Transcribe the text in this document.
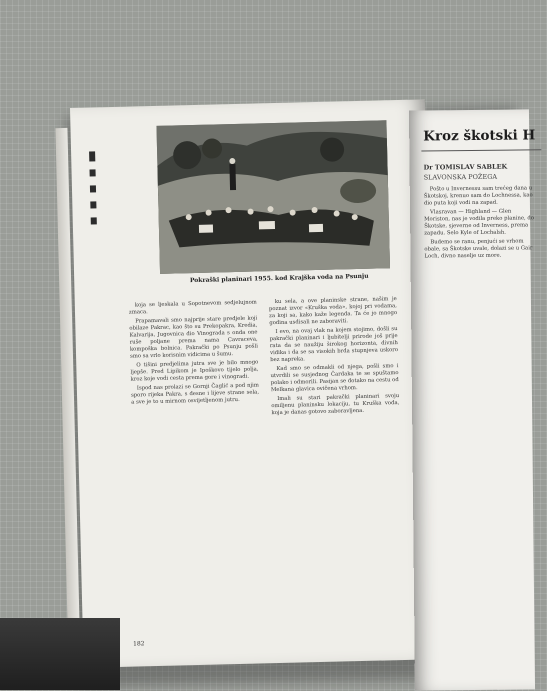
Pokraški planinari 1955. kod Krajška voda na Psunju

koja se ljeskala u Sopotnevom sedjelujnom zmaca.

Prapamavali smo najprije stare predjele koji obilaze Pakrac, kao što su Prekopakra, Kredia, Kalvarija, Jugovnica dio Vinograda s onda one ruše poljane prema nama Cavraceva, kompoška bolnica. Pakrački po Psunju pošli smo sa vrlo korisnim vidicima u šumu.

O tišini predjelima jutra sve je bilo mnogo ljepše. Pred Lipikom je Ipoškovo tijelo polja, kroz koje vodi cesta prema gore i vinogradi.

Ispod nas prolazi se Gornji Čaglić a pod njim sporo rijeka Pakra, s desne i lijeve strane sela, a sve je to u mirnom osvijetljenom jutru.

ku sela, a ove planinske strane, našim je poznat izvor «Kruška voda», kojoj pri vodama, za koji sa, kako kaže legenda. Ta će jo mnogo godina usdisali ne zaboraviti.

I evo, na ovaj vlak na kojem stojimo, došli su pakrački planinari i ljubitelji prirode još prije rata da se naužiju širokog horizonta, divnih vidika i da se sa visokih brda stupnjeva uskoro bez napreka.

Kad smo se odmakli od njega, pošli smo i utvrdili se susjednog Čardaka te se spuštamo polako i odmorili. Pasijan se dotako na cestu od Melkana glavica ovičena vrhom.

Imali su stari pakrački planinari svoju omiljenu planinsku lokaciju, tu Kruška voda, koja je danas gotovo zaboravljena.

182
Kroz škotski H
Dr TOMISLAV SABLEK
SLAVONSKA POŽEGA

Pošto u Invernessu sam trećeg dana u Škotskoj, krenuo sam do Lochnessa, kao dio puta koji vodi na zapad.

Vlasravan — Highland — Glen Moriston, nas je vodila preko planine, do Škotske, sjeverne od Inverness, prema zapadu. Selo Kyle of Lochalsh.

Budemo se ranu, penjući se vrhom obale, sa Škotske uvale, dolazi se u Gair Loch, divno naselje uz more.
